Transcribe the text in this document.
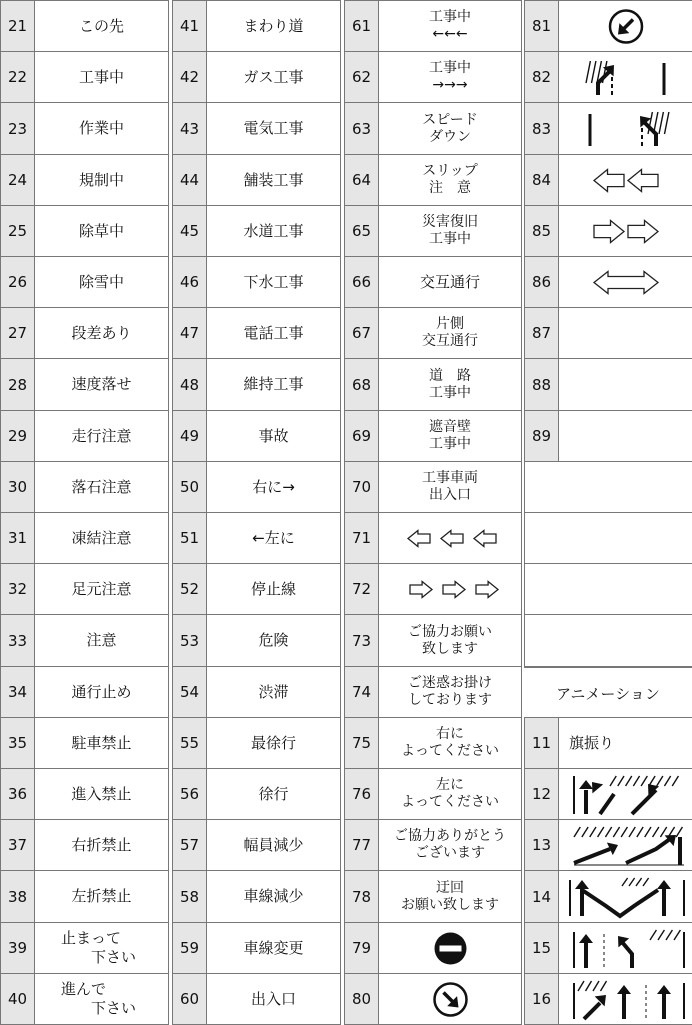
21	この先
22	工事中
23	作業中
24	規制中
25	除草中
26	除雪中
27	段差あり
28	速度落せ
29	走行注意
30	落石注意
31	凍結注意
32	足元注意
33	注意
34	通行止め
35	駐車禁止
36	進入禁止
37	右折禁止
38	左折禁止
39
止まって
下さい
40
進んで
下さい
41	まわり道
42	ガス工事
43	電気工事
44	舗装工事
45	水道工事
46	下水工事
47	電話工事
48	維持工事
49	事故
50	右に→
51	←左に
52	停止線
53	危険
54	渋滞
55	最徐行
56	徐行
57	幅員減少
58	車線減少
59	車線変更
60	出入口
61	工事中
←←←
62	工事中
→→→
63	スピード
ダウン
64	スリップ
注　意
65	災害復旧
工事中
66	交互通行
67	片側
交互通行
68	道　路
工事中
69	遮音壁
工事中
70	工事車両
出入口
71
72
73	ご協力お願い
致します
74	ご迷惑お掛け
しております
75	右に
よってください
76	左に
よってください
77	ご協力ありがとう
ございます
78	迂回
お願い致します
79
80
81
82
83
84
85
86
87
88
89
アニメーション
11	旗振り
12
13
14
15
16
